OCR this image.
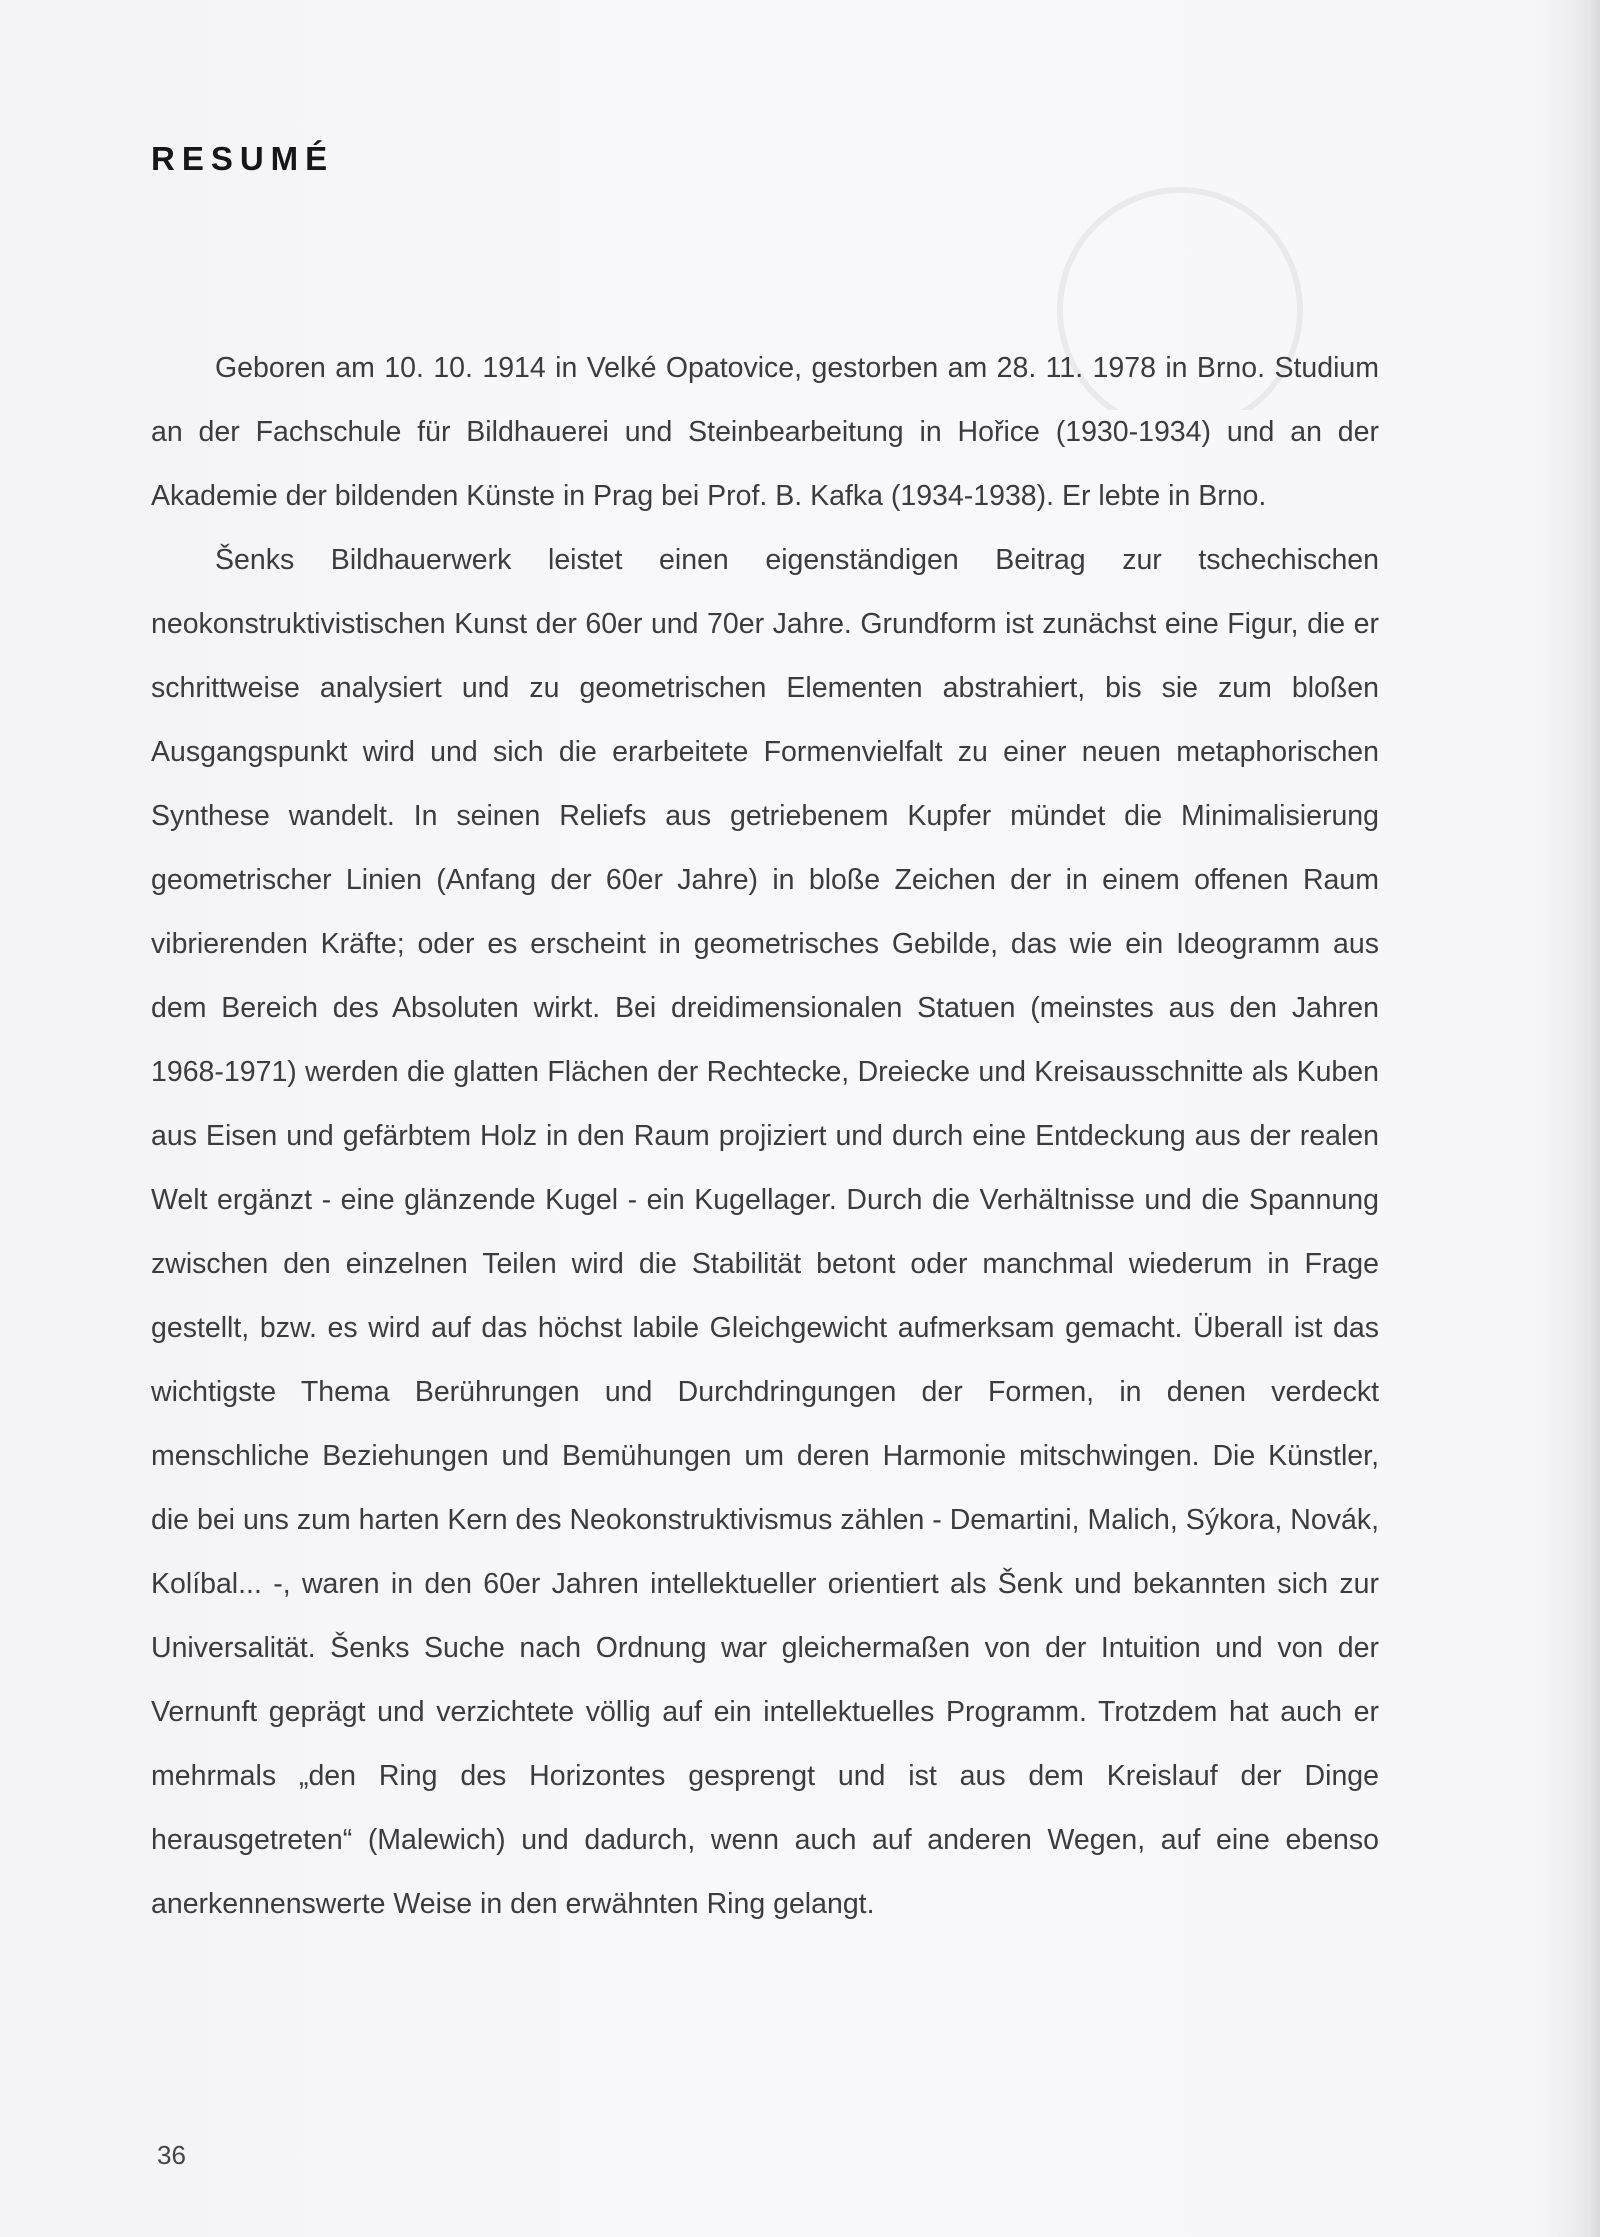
RESUMÉ

Geboren am 10. 10. 1914 in Velké Opatovice, gestorben am 28. 11. 1978 in Brno. Studium an der Fachschule für Bildhauerei und Steinbearbeitung in Hořice (1930-1934) und an der Akademie der bildenden Künste in Prag bei Prof. B. Kafka (1934-1938). Er lebte in Brno.

Šenks Bildhauerwerk leistet einen eigenständigen Beitrag zur tschechischen neokonstruktivistischen Kunst der 60er und 70er Jahre. Grundform ist zunächst eine Figur, die er schrittweise analysiert und zu geometrischen Elementen abstrahiert, bis sie zum bloßen Ausgangspunkt wird und sich die erarbeitete Formenvielfalt zu einer neuen metaphorischen Synthese wandelt. In seinen Reliefs aus getriebenem Kupfer mündet die Minimalisierung geometrischer Linien (Anfang der 60er Jahre) in bloße Zeichen der in einem offenen Raum vibrierenden Kräfte; oder es erscheint in geometrisches Gebilde, das wie ein Ideogramm aus dem Bereich des Absoluten wirkt. Bei dreidimensionalen Statuen (meinstes aus den Jahren 1968-1971) werden die glatten Flächen der Rechtecke, Dreiecke und Kreisausschnitte als Kuben aus Eisen und gefärbtem Holz in den Raum projiziert und durch eine Entdeckung aus der realen Welt ergänzt - eine glänzende Kugel - ein Kugellager. Durch die Verhältnisse und die Spannung zwischen den einzelnen Teilen wird die Stabilität betont oder manchmal wiederum in Frage gestellt, bzw. es wird auf das höchst labile Gleichgewicht aufmerksam gemacht. Überall ist das wichtigste Thema Berührungen und Durchdringungen der Formen, in denen verdeckt menschliche Beziehungen und Bemühungen um deren Harmonie mitschwingen. Die Künstler, die bei uns zum harten Kern des Neokonstruktivismus zählen - Demartini, Malich, Sýkora, Novák, Kolíbal... -, waren in den 60er Jahren intellektueller orientiert als Šenk und bekannten sich zur Universalität. Šenks Suche nach Ordnung war gleichermaßen von der Intuition und von der Vernunft geprägt und verzichtete völlig auf ein intellektuelles Programm. Trotzdem hat auch er mehrmals „den Ring des Horizontes gesprengt und ist aus dem Kreislauf der Dinge herausgetreten“ (Malewich) und dadurch, wenn auch auf anderen Wegen, auf eine ebenso anerkennenswerte Weise in den erwähnten Ring gelangt.

36
